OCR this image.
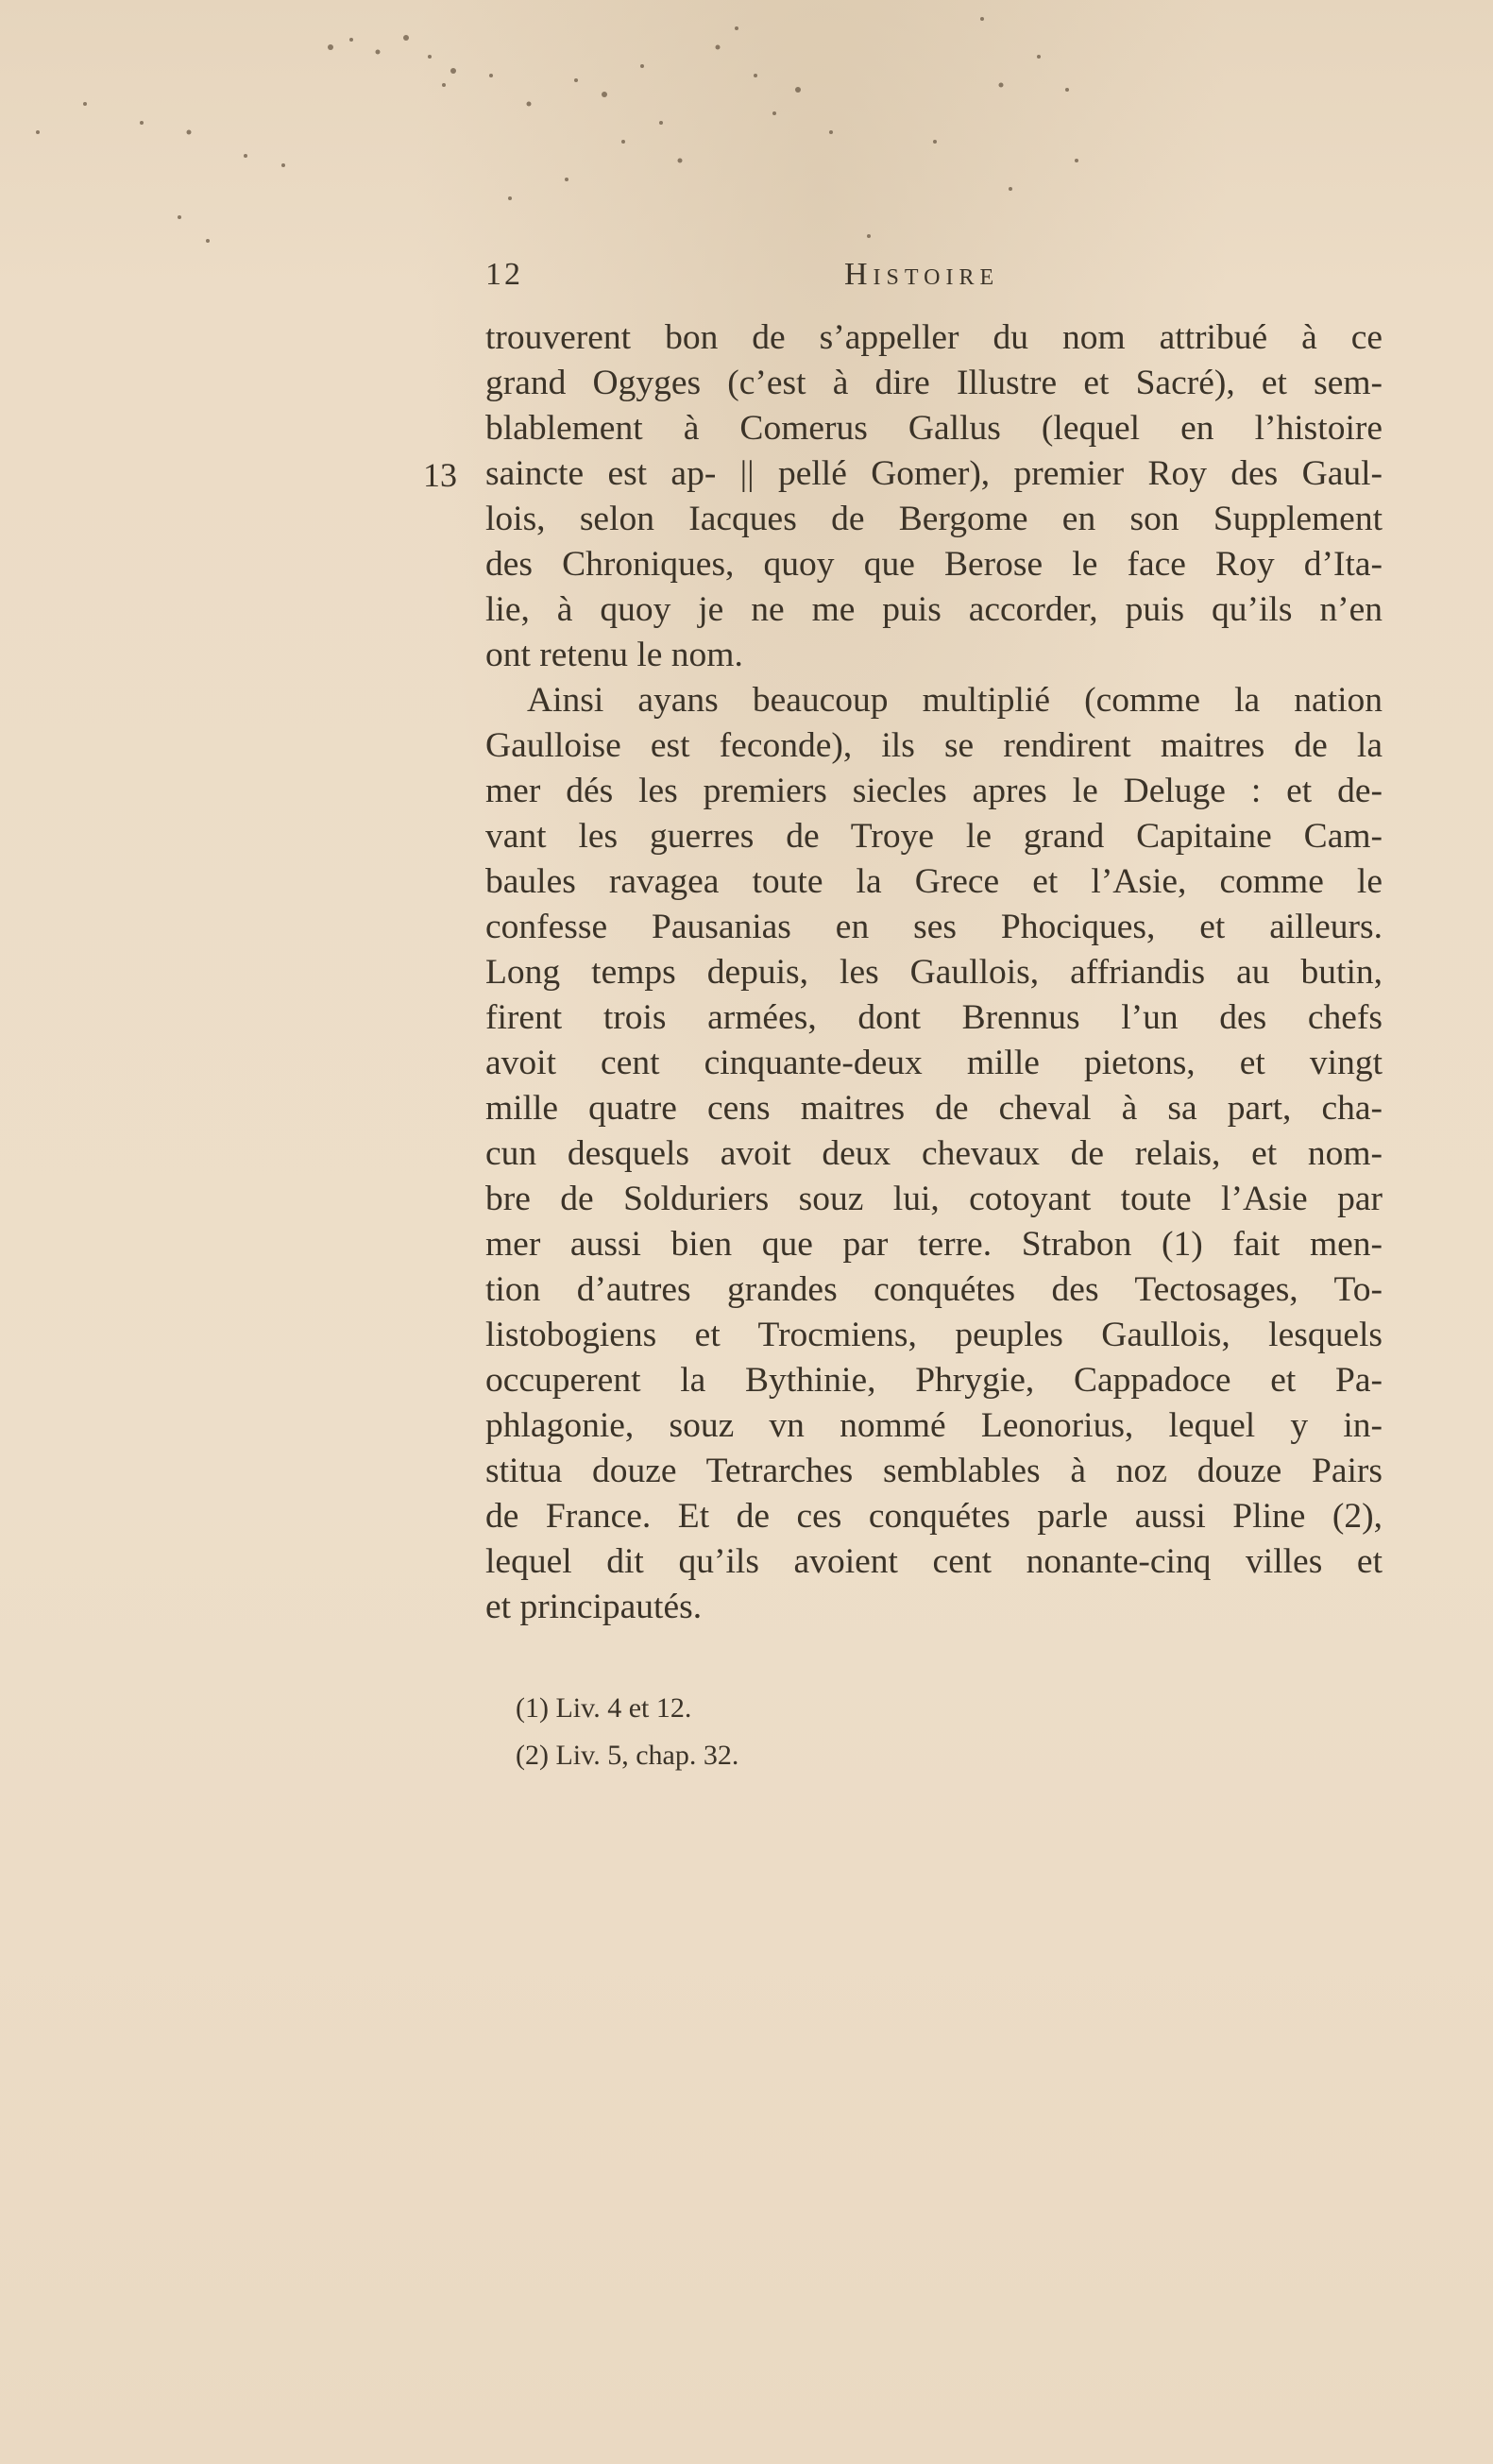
12	Histoire
13
trouverent bon de s’appeller du nom attribué à ce
grand Ogyges (c’est à dire Illustre et Sacré), et sem-
blablement à Comerus Gallus (lequel en l’histoire
saincte est ap- || pellé Gomer), premier Roy des Gaul-
lois, selon Iacques de Bergome en son Supplement
des Chroniques, quoy que Berose le face Roy d’Ita-
lie, à quoy je ne me puis accorder, puis qu’ils n’en
ont retenu le nom.
Ainsi ayans beaucoup multiplié (comme la nation
Gaulloise est feconde), ils se rendirent maitres de la
mer dés les premiers siecles apres le Deluge : et de-
vant les guerres de Troye le grand Capitaine Cam-
baules ravagea toute la Grece et l’Asie, comme le
confesse Pausanias en ses Phociques, et ailleurs.
Long temps depuis, les Gaullois, affriandis au butin,
firent trois armées, dont Brennus l’un des chefs
avoit cent cinquante-deux mille pietons, et vingt
mille quatre cens maitres de cheval à sa part, cha-
cun desquels avoit deux chevaux de relais, et nom-
bre de Solduriers souz lui, cotoyant toute l’Asie par
mer aussi bien que par terre. Strabon (1) fait men-
tion d’autres grandes conquétes des Tectosages, To-
listobogiens et Trocmiens, peuples Gaullois, lesquels
occuperent la Bythinie, Phrygie, Cappadoce et Pa-
phlagonie, souz vn nommé Leonorius, lequel y in-
stitua douze Tetrarches semblables à noz douze Pairs
de France. Et de ces conquétes parle aussi Pline (2),
lequel dit qu’ils avoient cent nonante-cinq villes et
et principautés.
(1) Liv. 4 et 12.
(2) Liv. 5, chap. 32.
